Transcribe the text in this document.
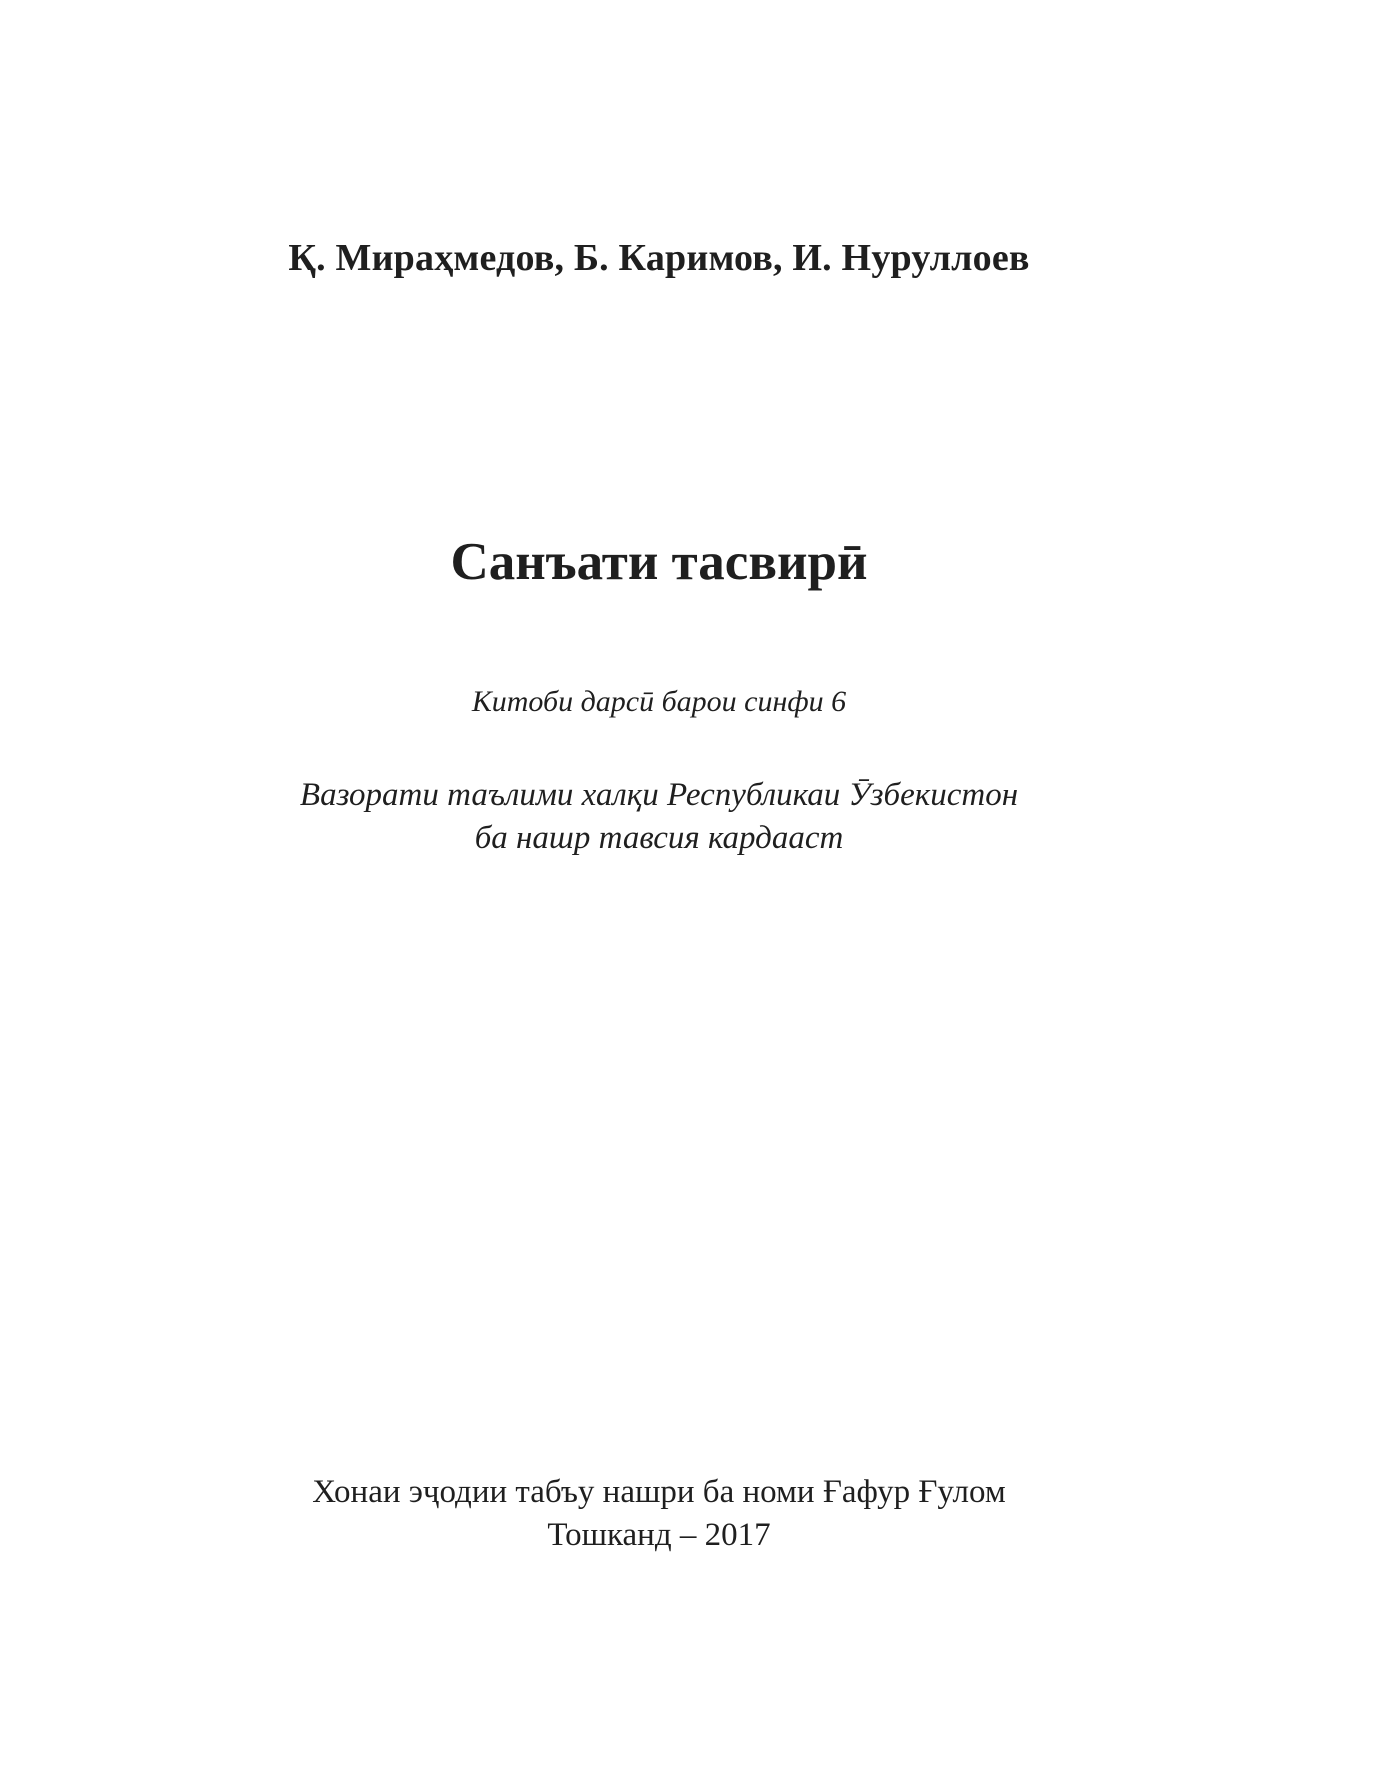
Қ. Мираҳмедов, Б. Каримов, И. Нуруллоев
Санъати тасвирӣ
Китоби дарсӣ барои синфи 6
Вазорати таълими халқи Республикаи Ӯзбекистон
ба нашр тавсия кардааст
Хонаи эҷодии табъу нашри ба номи Ғафур Ғулом
Тошканд – 2017
